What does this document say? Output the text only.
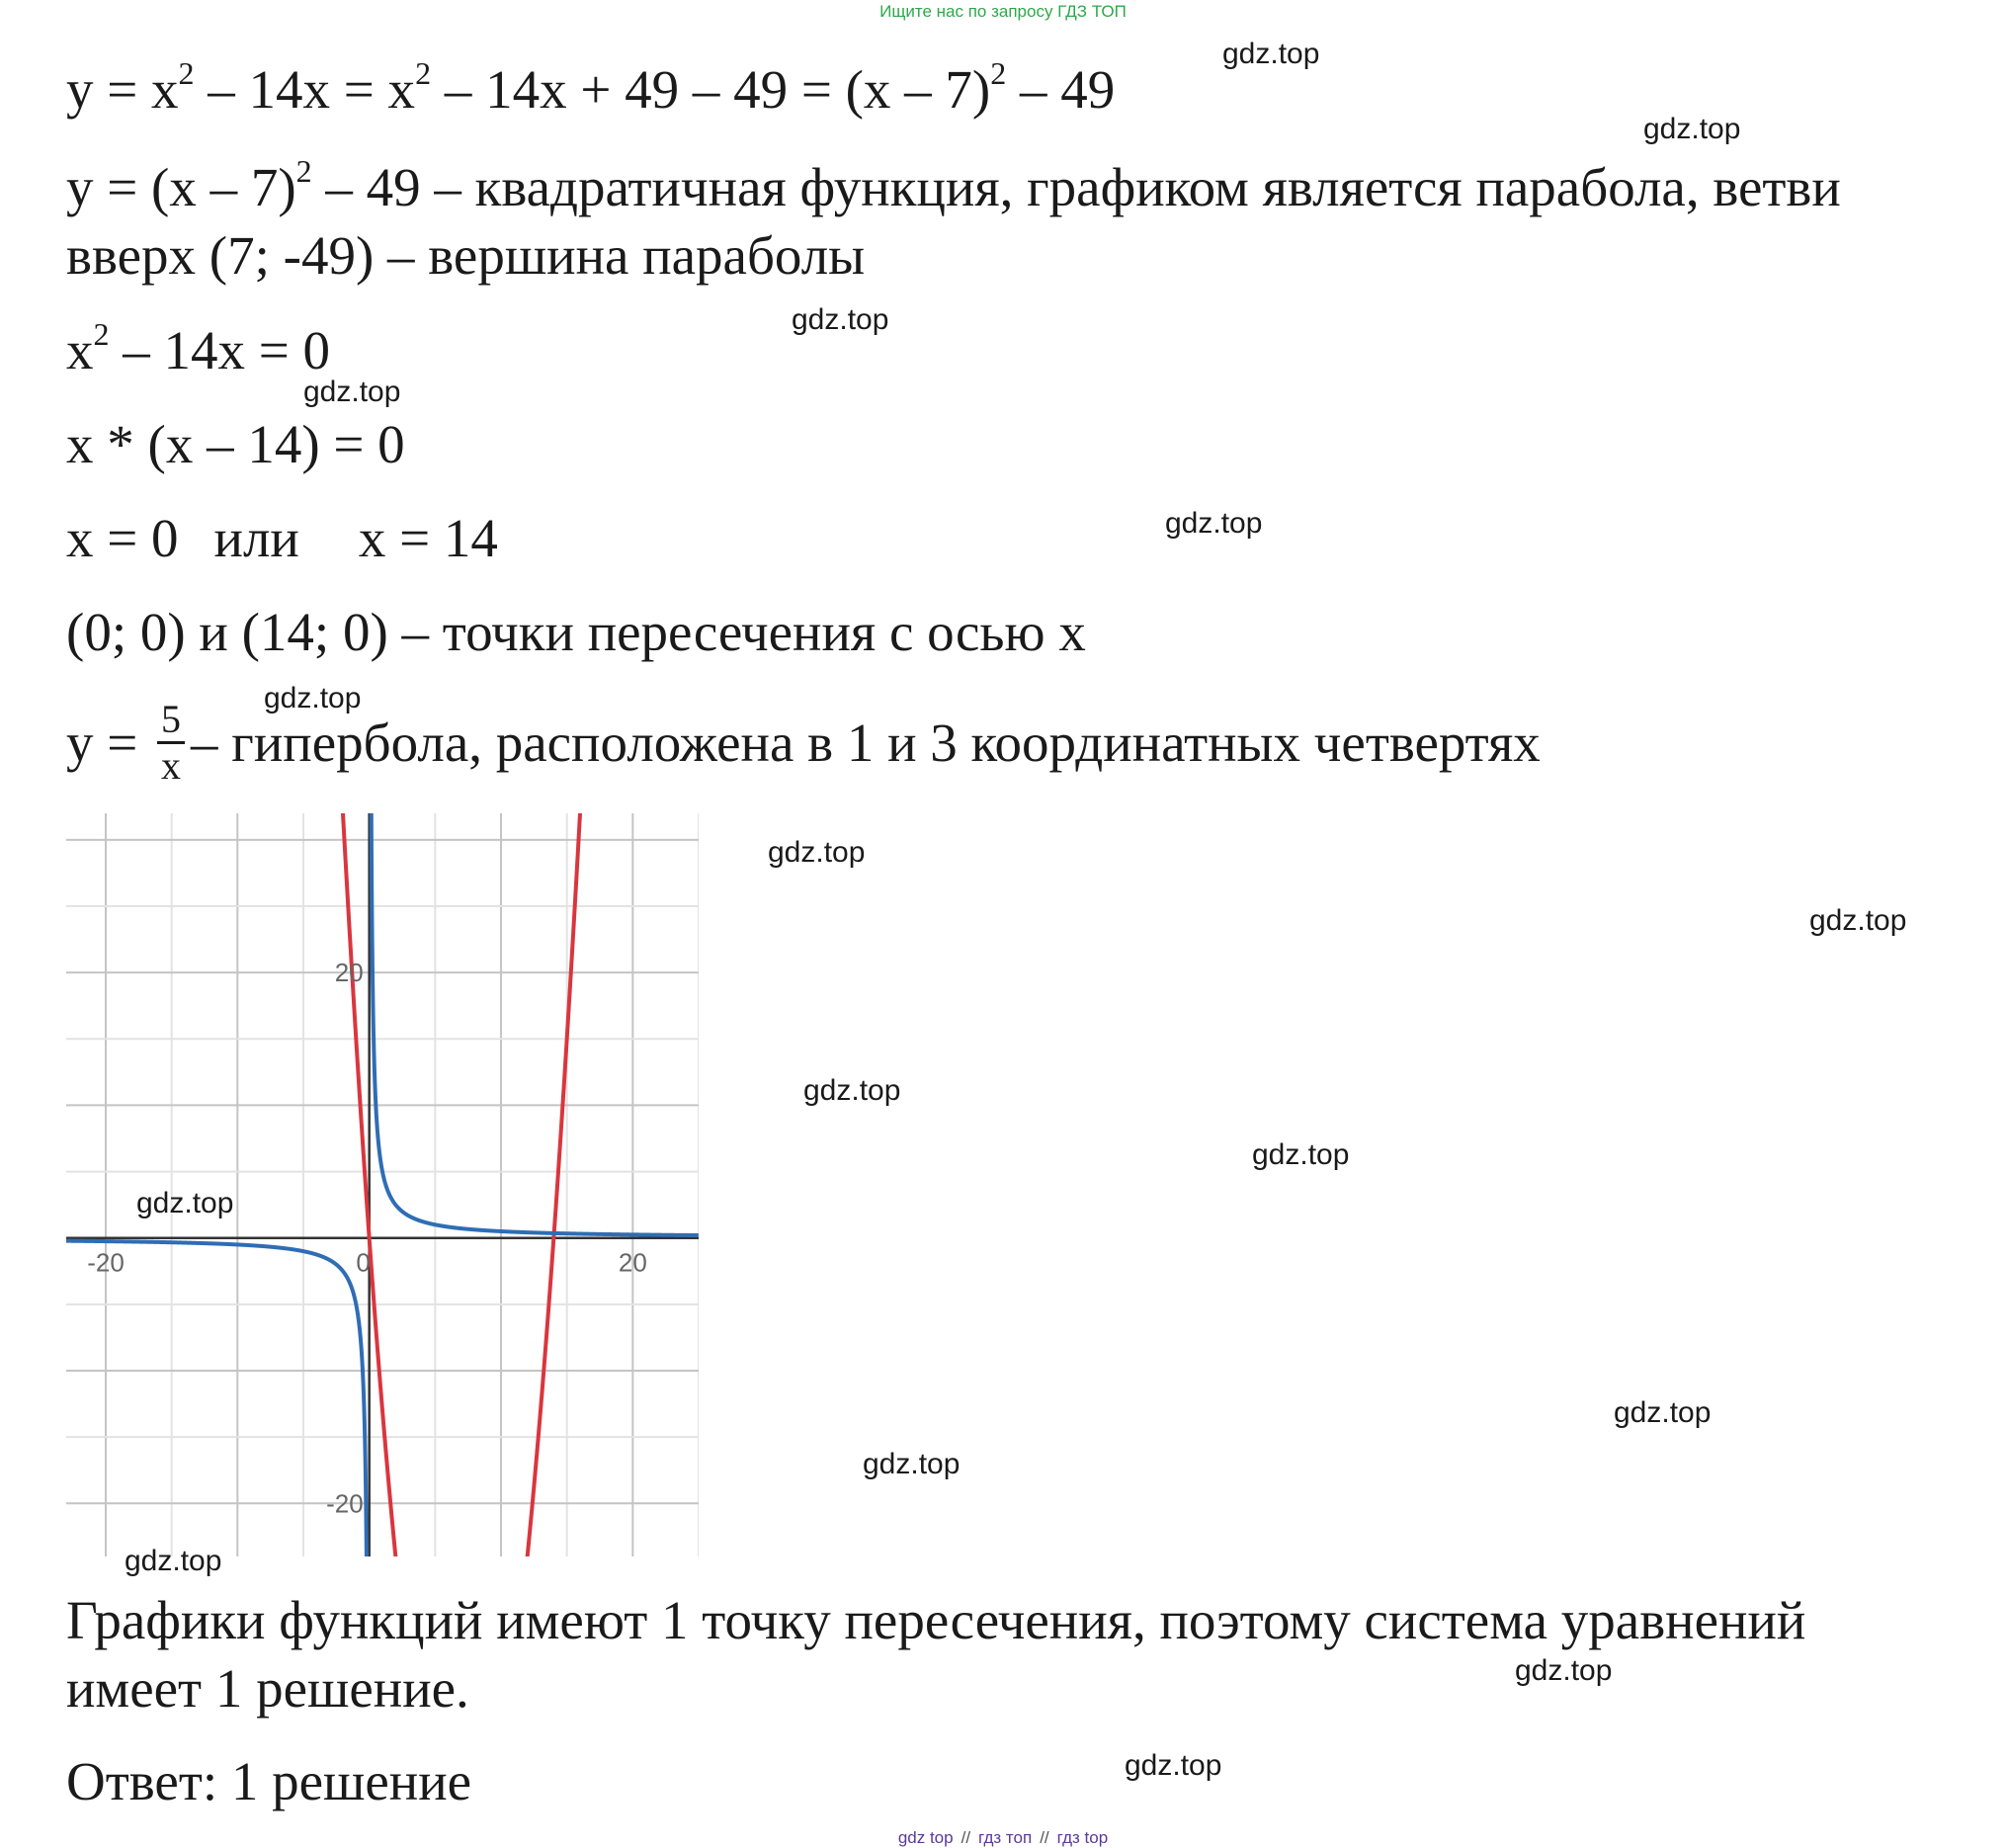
Ищите нас по запросу ГДЗ ТОП
$y = x^2 - 14x = x^2 - 14x + 49 - 49 = (x - 7)^2 - 49$
y = (x – 7)$^2$ – 49 – квадратичная функция, графиком является парабола, ветви
вверх (7; -49) – вершина параболы
$x^2 - 14x = 0$
x * (x – 14) = 0
x = 0 или x = 14
(0; 0) и (14; 0) – точки пересечения с осью x
$y = \frac{5}{x}$ – гипербола, расположена в 1 и 3 координатных четвертях
-20	0	20
20
-20
Графики функций имеют 1 точку пересечения, поэтому система уравнений
имеет 1 решение.
Ответ: 1 решение
gdz.top
gdz.top
gdz.top
gdz.top
gdz.top
gdz.top
gdz.top
gdz.top
gdz.top
gdz.top
gdz.top
gdz.top
gdz.top
gdz.top
gdz.top
gdz.top
gdz top // гдз топ // гдз top
